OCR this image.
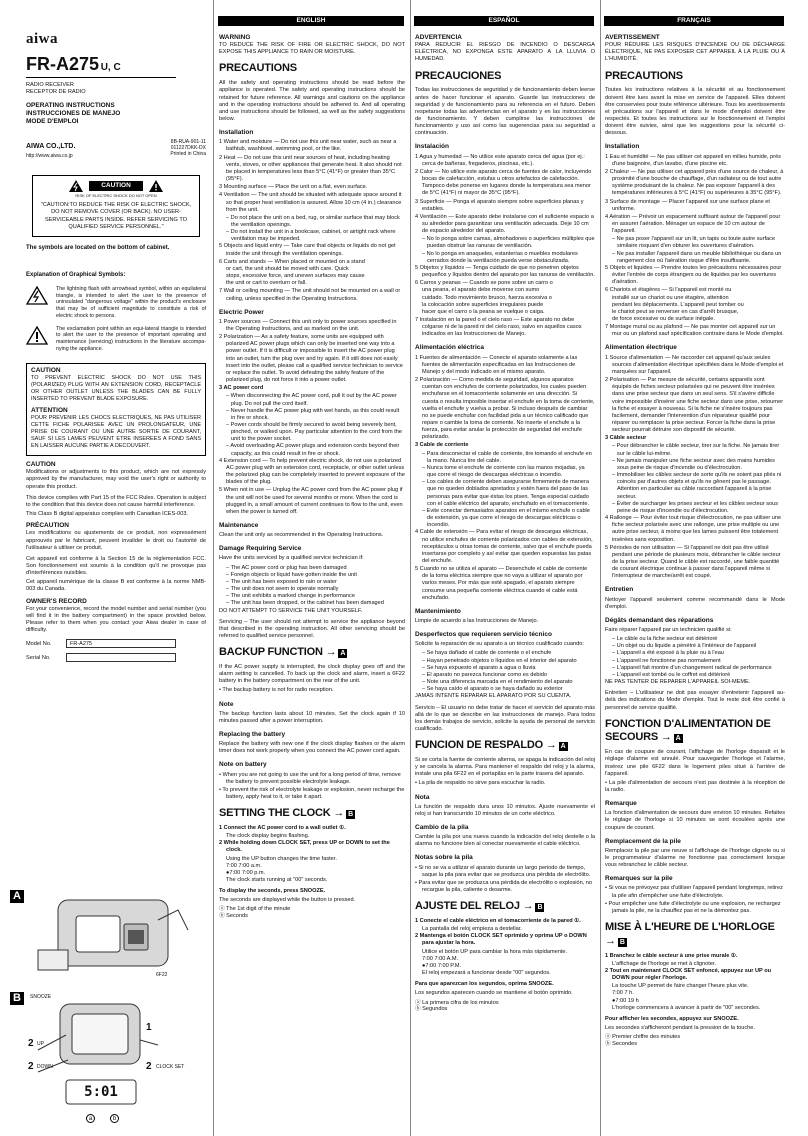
aiwa
FR-A275 U, C
RADIO RECEIVER
RECEPTOR DE RADIO
OPERATING INSTRUCTIONS
INSTRUCCIONES DE MANEJO
MODE D'EMPLOI
AIWA CO.,LTD.
http://www.aiwa.co.jp
8B-RUA-901-11
011227DKK-DX
Printed in China
CAUTION
RISK OF ELECTRIC SHOCK DO NOT OPEN
"CAUTION:TO REDUCE THE RISK OF ELECTRIC SHOCK, DO NOT REMOVE COVER (OR BACK). NO USER-SERVICEABLE PARTS INSIDE. REFER SERVICING TO QUALIFIED SERVICE PERSONNEL."
The symbols are located on the bottom of cabinet.
Explanation of Graphical Symbols:

The lightning flash with arrowhead symbol, within an equilateral triangle, is intended to alert the user to the presence of uninsulated "dangerous voltage" within the product's enclosure that may be of sufficient magnitude to constitute a risk of electric shock to persons.

The exclamation point within an equi-lateral triangle is intended to alert the user to the presence of important operating and maintenance (servicing) instructions in the literature accompa-nying the appliance.

CAUTION

TO PREVENT ELECTRIC SHOCK DO NOT USE THIS (POLARIZED) PLUG WITH AN EXTENSION CORD, RECEPTACLE OR OTHER OUTLET UNLESS THE BLADES CAN BE FULLY INSERTED TO PREVENT BLADE EXPOSURE.

ATTENTION

POUR PREVENIR LES CHOCS ELECTRIQUES, NE PAS UTILISER CETTE FICHE POLARISEE AVEC UN PROLONGATEUR, UNE PRISE DE COURANT OU UNE AUTRE SORTIE DE COURANT, SAUF SI LES LAMES PEUVENT ETRE INSEREES A FOND SANS EN LAISSER AUCUNE PARTIE A DECOUVERT.

CAUTION

Modifications or adjustments to this product, which are not expressly approved by the manufacturer, may void the user's right or authority to operate this product.

This device complies with Part 15 of the FCC Rules. Operation is subject to the condition that this device does not cause harmful interference.

This Class B digital apparatus complies with Canadian ICES-003.

PRÉCAUTION

Les modifications ou ajustements de ce produit, non expressément approuvés par le fabricant, peuvent invalider le droit ou l'autorité de l'utilisateur à utiliser ce produit.

Cet appareil est conforme à la Section 15 de la réglementation FCC. Son fonctionnement est soumis à la condition qu'il ne provoque pas d'interférences nuisibles.

Cet appareil numérique de la classe B est conforme à la norme NMB-003 du Canada.

OWNER'S RECORD

For your convenience, record the model number and serial number (you will find it in the battery compartment) in the space provided below. Please refer to them when you contact your Aiwa dealer in case of difficulty.

Model No.	FR-A275
Serial No.
A
6F22
B	SNOOZE
1
2 UP
2 DOWN	2 CLOCK SET
5:01
a	b
ENGLISH
WARNING

TO REDUCE THE RISK OF FIRE OR ELECTRIC SHOCK, DO NOT EXPOSE THIS APPLIANCE TO RAIN OR MOISTURE.

PRECAUTIONS

All the safety and operating instructions should be read before the appliance is operated. The safety and operating instructions should be retained for future reference. All warnings and cautions on the appliance and in the operating instructions should be adhered to. And all operating and use instructions should be followed, as well as the safety suggestions below.

Installation
1 Water and moisture — Do not use this unit near water, such as near a bathtub, washbowl, swimming pool, or the like.
2 Heat — Do not use this unit near sources of heat, including heating vents, stoves, or other appliances that generate heat. It also should not be placed in temperatures less than 5°C (41°F) or greater than 35°C (95°F).
3 Mounting surface — Place the unit on a flat, even surface.
4 Ventilation — The unit should be situated with adequate space around it so that proper heat ventilation is assured. Allow 10 cm (4 in.) clearance from the unit.
– Do not place the unit on a bed, rug, or similar surface that may block the ventilation openings.
– Do not install the unit in a bookcase, cabinet, or airtight rack where ventilation may be impeded.
5 Objects and liquid entry — Take care that objects or liquids do not get inside the unit through the ventilation openings.
6 Carts and stands — When placed or mounted on a stand or cart, the unit should be moved with care. Quick stops, excessive force, and uneven surfaces may cause the unit or cart to overturn or fall.
7 Wall or ceiling mounting — The unit should not be mounted on a wall or ceiling, unless specified in the Operating Instructions.
Electric Power
1 Power sources — Connect this unit only to power sources specified in the Operating Instructions, and as marked on the unit.
2 Polarization — As a safety feature, some units are equipped with polarized AC power plugs which can only be inserted one way into a power outlet. If it is difficult or impossible to insert the AC power plug into an outlet, turn the plug over and try again. If it still does not easily insert into the outlet, please call a qualified service technician to service or replace the outlet. To avoid defeating the safety feature of the polarized plug, do not force it into a power outlet.
3 AC power cord
– When disconnecting the AC power cord, pull it out by the AC power plug. Do not pull the cord itself.
– Never handle the AC power plug with wet hands, as this could result in fire or shock.
– Power cords should be firmly secured to avoid being severely bent, pinched, or walked upon. Pay particular attention to the cord from the unit to the power socket.
– Avoid overloading AC power plugs and extension cords beyond their capacity, as this could result in fire or shock.
4 Extension cord — To help prevent electric shock, do not use a polarized AC power plug with an extension cord, receptacle, or other outlet unless the polarized plug can be completely inserted to prevent exposure of the blades of the plug.
5 When not in use — Unplug the AC power cord from the AC power plug if the unit will not be used for several months or more. When the cord is plugged in, a small amount of current continues to flow to the unit, even when the power is turned off.
Maintenance

Clean the unit only as recommended in the Operating Instructions.

Damage Requiring Service

Have the units serviced by a qualified service technician if:

– The AC power cord or plug has been damaged
– Foreign objects or liquid have gotten inside the unit
– The unit has been exposed to rain or water
– The unit does not seem to operate normally
– The unit exhibits a marked change in performance
– The unit has been dropped, or the cabinet has been damaged

DO NOT ATTEMPT TO SERVICE THE UNIT YOURSELF.

Servicing – The user should not attempt to service the appliance beyond that described in the operating instruction. All other servicing should be referred to qualified service personnel.

BACKUP FUNCTION → A

If the AC power supply is interrupted, the clock display goes off and the alarm setting is cancelled. To back up the clock and alarm, insert a 6F22 battery in the battery compartment on the rear of the unit.

• The backup battery is not for radio reception.

Note

The backup function lasts about 10 minutes. Set the clock again if 10 minutes passed after a power interruption.

Replacing the battery

Replace the battery with new one if the clock display flashes or the alarm timer does not work properly when you connect the AC power cord again.

Note on battery
• When you are not going to use the unit for a long period of time, remove the battery to prevent possible electrolyte leakage.
• To prevent the risk of electrolyte leakage or explosion, never recharge the battery, apply heat to it, or take it apart.
SETTING THE CLOCK → B
1 Connect the AC power cord to a wall outlet ①.
The clock display begins flashing.
2 While holding down CLOCK SET, press UP or DOWN to set the clock.
Using the UP button changes the time faster.
7:00 7:00 a.m.
●7:00 7:00 p.m.
The clock starts running at "00" seconds.

To display the seconds, press SNOOZE.

The seconds are displayed while the button is pressed.

ⓐ The 1st digit of the minute
ⓑ Seconds
ESPAÑOL
ADVERTENCIA

PARA REDUCIR EL RIESGO DE INCENDIO O DESCARGA ELÉCTRICA, NO EXPONGA ESTE APARATO A LA LLUVIA O HUMEDAD.

PRECAUCIONES

Todas las instrucciones de seguridad y de funcionamiento deben leerse antes de hacer funcionar el aparato. Guarde las instrucciones de seguridad y de funcionamiento para su referencia en el futuro. Deben respetarse todas las advertencias en el aparato y en las instrucciones de funcionamiento. Y deben cumplirse las instrucciones de funcionamiento y uso así como las sugerencias para su seguridad a continuación.

Instalación
1 Agua y humedad — No utilice este aparato cerca del agua (por ej.: cerca de bañeras, fregaderos, piscinas, etc.).
2 Calor — No utilice este aparato cerca de fuentes de calor, incluyendo bocas de calefacción, estufas u otros artefactos de calefacción. Tampoco debe ponerse en lugares donde la temperatura sea menor de 5°C (41°F) ni mayor de 35°C (95°F).
3 Superficie — Ponga el aparato siempre sobre superficies planas y estables.
4 Ventilación — Este aparato debe instalarse con el suficiente espacio a su alrededor para garantizar una ventilación adecuada. Deje 10 cm de espacio alrededor del aparato.
– No lo ponga sobre camas, almohadones o superficies múltiples que puedan obstruir las ranuras de ventilación.
– No lo ponga en anaqueles, estanterías o muebles modulares cerrados donde la ventilación pueda verse obstaculizada.
5 Objetos y líquidos — Tenga cuidado de que no penetren objetos pequeños y líquidos dentro del aparato por las ranuras de ventilación.
6 Carros y peanas — Cuando se pone sobre un carro o una peana, el aparato debe moverse con sumo cuidado. Todo movimiento brusco, fuerza excesiva o la colocación sobre superficies irregulares puede hacer que el carro o la peana se vuelque o caiga.
7 Instalación en la pared o el cielo raso — Este aparato no debe colgarse ni de la pared ni del cielo raso, salvo en aquellos casos indicados en las Instrucciones de Manejo.
Alimentación eléctrica
1 Fuentes de alimentación — Conecte el aparato solamente a las fuentes de alimentación especificadas en las Instrucciones de Manejo y del modo indicado en el mismo aparato.
2 Polarización — Como medida de seguridad, algunos aparatos cuentan con enchufes de corriente polarizados, los cuales pueden enchufarse en el tomacorriente solamente en una dirección. Si cuesta o resulta imposible insertar el enchufe en la toma de corriente, vuelta el enchufe y vuelva a probar. Si incluso después de cambiar no se puede enchufar con facilidad pida a un técnico calificado que repare o cambie la toma de corriente. No inserte el enchufe a la fuerza, para evitar anular la protección de seguridad del enchufe polarizado.
3 Cable de corriente
– Para desconectar el cable de corriente, tire tomando el enchufe en la mano. Nunca tire del cable.
– Nunca tome el enchufe de corriente con las manos mojadas, ya que corre el riesgo de descargas eléctricas o incendio.
– Los cables de corriente deben asegurarse firmemente de manera que no queden doblados apretados y estén fuera del paso de las personas para evitar que éstas los pisen. Tenga especial cuidado con el cable eléctrico del aparato, enchufado en el tomacorriente.
– Evite conectar demasiados aparatos en el mismo enchufe o cable de extensión, ya que corre el riesgo de descargas eléctricas o incendio.
4 Cable de extensión — Para evitar el riesgo de descargas eléctricas, no utilice enchufes de corriente polarizados con cables de extensión, receptáculos u otras tomas de corriente, salvo que el enchufe pueda insertarse por completo y así evitar que queden expuestas las patas del enchufe.
5 Cuando no se utiliza el aparato — Desenchufe el cable de corriente de la toma eléctrica siempre que no vaya a utilizar el aparato por varios meses. Por más que esté apagado, el aparato siempre consume una pequeña corriente eléctrica cuando el cable está enchufado.
Mantenimiento

Limpie de acuerdo a las Instrucciones de Manejo.

Desperfectos que requieren servicio técnico

Solicite la reparación de su aparato a un técnico cualificado cuando:

– Se haya dañado el cable de corriente o el enchufe
– Hayan penetrado objetos o líquidos en el interior del aparato
– Se haya expuesto el aparato a agua o lluvia
– El aparato no parezca funcionar como es debido
– Note una diferencia marcada en el rendimiento del aparato
– Se haya caído el aparato o se haya dañado su exterior

JAMAS INTENTE REPARAR EL APARATO POR SU CUENTA.

Servicio – El usuario no debe tratar de hacer el servicio del aparato más allá de lo que se describe en las instrucciones de manejo. Para todos los demás trabajos de servicio, solicite la ayuda de personal de servicio cualificado.

FUNCION DE RESPALDO → A

Si se corta la fuente de corriente alterna, se apaga la indicación del reloj y se cancela la alarma. Para mantener el respaldo del reloj y la alarma, instale una pila 6F22 en el portapilas en la parte trasera del aparato.

• La pila de respaldo no sirve para escuchar la radio.

Nota

La función de respaldo dura unos 10 minutos. Ajuste nuevamente el reloj si han transcurrido 10 minutos de un corte eléctrico.

Cambio de la pila

Cambie la pila por una nueva cuando la indicación del reloj destelle o la alarma no funcione bien al conectar nuevamente el cable eléctrico.

Notas sobre la pila
• Si no se va a utilizar el aparato durante un largo periodo de tiempo, saque la pila para evitar que se produzca una pérdida de electrólito.
• Para evitar que se produzca una pérdida de electrólito o explosión, no recargue la pila, caliente o desarme.
AJUSTE DEL RELOJ → B
1 Conecte el cable eléctrico en el tomacorriente de la pared ①.
La pantalla del reloj empieza a destellar.
2 Mantenga el botón CLOCK SET oprimido y oprima UP o DOWN para ajustar la hora.
Utilice el botón UP para cambiar la hora más rápidamente.
7:00 7:00 A.M.
●7:00 7:00 P.M.
El reloj empezará a funcionar desde "00" segundos.

Para que aparezcan los segundos, oprima SNOOZE.

Los segundos aparecen cuando se mantiene el botón oprimido.

ⓐ La primera cifra de los minutos
ⓑ Segundos
FRANÇAIS
AVERTISSEMENT

POUR RÉDUIRE LES RISQUES D'INCENDIE OU DE DÉCHARGE ÉLECTRIQUE, NE PAS EXPOSER CET APPAREIL À LA PLUIE OU À L'HUMIDITÉ.

PRECAUTIONS

Toutes les instructions relatives à la sécurité et au fonctionnement doivent être lues avant la mise en service de l'appareil. Elles doivent être conservées pour toute référence ultérieure. Tous les avertissements et précautions sur l'appareil et dans le mode d'emploi doivent être respectés. Et toutes les instructions sur le fonctionnement et l'emploi doivent être suivies, ainsi que les suggestions pour la sécurité ci-dessous.

Installation
1 Eau et humidité — Ne pas utiliser cet appareil en milieu humide, près d'une baignoire, d'un lavabo, d'une piscine etc.
2 Chaleur — Ne pas utiliser cet appareil près d'une source de chaleur, à proximité d'une bouche de chauffage, d'un radiateur ou de tout autre système produisant de la chaleur. Ne pas exposer l'appareil à des températures inférieures à 5°C (41°F) ou supérieures à 35°C (95°F).
3 Surface de montage — Placer l'appareil sur une surface plane et uniforme.
4 Aération — Prévoir un espacement suffisant autour de l'appareil pour en assurer l'aération. Ménager un espace de 10 cm autour de l'appareil.
– Ne pas poser l'appareil sur un lit, un tapis ou toute autre surface similaire risquant d'en obturer les ouvertures d'aération.
– Ne pas installer l'appareil dans un meuble bibliothèque ou dans un rangement clos où l'aération risque d'être insuffisante.
5 Objets et liquides — Prendre toutes les précautions nécessaires pour éviter l'entrée de corps étrangers ou de liquides par les ouvertures d'aération.
6 Chariots et étagères — Si l'appareil est monté ou installé sur un chariot ou une étagère, attention pendant les déplacements. L'appareil peut tomber ou le chariot peut se renverser en cas d'arrêt brusque, de force excessive ou de surface inégale.
7 Montage mural ou au plafond — Ne pas monter cet appareil sur un mur ou un plafond sauf spécification contraire dans le Mode d'emploi.
Alimentation électrique
1 Source d'alimentation — Ne raccorder cet appareil qu'aux seules sources d'alimentation électrique spécifiées dans le Mode d'emploi et marquées sur l'appareil.
2 Polarisation — Par mesure de sécurité, certains appareils sont équipés de fiches secteur polarisées qui ne peuvent être insérées dans une prise secteur que dans un seul sens. S'il s'avère difficile voire impossible d'insérer une fiche secteur dans une prise, retourner la fiche et essayer à nouveau. Si la fiche ne s'insère toujours pas facilement, demander l'intervention d'un réparateur qualifié pour réparer ou remplacer la prise secteur. Forcer la fiche dans la prise secteur pourrait détruire son dispositif de sécurité.
3 Câble secteur
– Pour débrancher le câble secteur, tirer sur la fiche. Ne jamais tirer sur le câble lui-même.
– Ne jamais manipuler une fiche secteur avec des mains humides sous peine de risque d'incendie ou d'électrocution.
– Immobiliser les câbles secteur de sorte qu'ils ne soient pas pliés ni coincés par d'autres objets et qu'ils ne gênent pas le passage. Attention en particulier au câble raccordant l'appareil à la prise secteur.
– Éviter de surcharger les prises secteur et les câbles secteur sous peine de risque d'incendie ou d'électrocution.
4 Rallonge — Pour éviter tout risque d'électrocution, ne pas utiliser une fiche secteur polarisée avec une rallonge, une prise multiple ou une autre prise secteur, à moins que les lames puissent être totalement insérées sans exposition.
5 Périodes de non utilisation — Si l'appareil ne doit pas être utilisé pendant une période de plusieurs mois, débrancher le câble secteur de la prise secteur. Quand le câble est raccordé, une faible quantité de courant électrique continue à passer dans l'appareil même si l'interrupteur de marche/arrêt est coupé.
Entretien

Nettoyer l'appareil seulement comme recommandé dans le Mode d'emploi.

Dégâts demandant des réparations

Faire réparer l'appareil par un technicien qualifié si:

– Le câble ou la fiche secteur est détérioré
– Un objet ou du liquide a pénétré à l'intérieur de l'appareil
– L'appareil a été exposé à la pluie ou à l'eau
– L'appareil ne fonctionne pas normalement
– L'appareil fait montre d'un changement radical de performance
– L'appareil est tombé ou le coffret est détérioré

NE PAS TENTER DE REPARER L'APPAREIL SOI-MEME.

Entretien – L'utilisateur ne doit pas essayer d'entretenir l'appareil au-delà des indications du Mode d'emploi. Tout le reste doit être confié à personnel de service qualifié.

FONCTION D'ALIMENTATION DE SECOURS → A

En cas de coupure de courant, l'affichage de l'horloge disparaît et le réglage d'alarme est annulé. Pour sauvegarder l'horloge et l'alarme, insérez une pile 6F22 dans le logement piles situé à l'arrière de l'appareil.

• La pile d'alimentation de secours n'est pas destinée à la réception de la radio.

Remarque

La fonction d'alimentation de secours dure environ 10 minutes. Refaites le réglage de l'horloge si 10 minutes se sont écoulées après une coupure de courant.

Remplacement de la pile

Remplacez la pile par une neuve si l'affichage de l'horloge clignote ou si le programmateur d'alarme ne fonctionne pas correctement lorsque vous rebranchez le câble secteur.

Remarques sur la pile
• Si vous ne prévoyez pas d'utiliser l'appareil pendant longtemps, retirez la pile afin d'empêcher une fuite d'électrolyte.
• Pour empêcher une fuite d'électrolyte ou une explosion, ne rechargez jamais la pile, ne la chauffez pas et ne la démontez pas.
MISE À L'HEURE DE L'HORLOGE → B
1 Branchez le câble secteur à une prise murale ①.
L'affichage de l'horloge se met à clignoter.
2 Tout en maintenant CLOCK SET enfoncé, appuyez sur UP ou DOWN pour régler l'horloge.
La touche UP permet de faire changer l'heure plus vite.
7:00 7 h.
●7:00 19 h
L'horloge commencera à avancer à partir de "00" secondes.

Pour afficher les secondes, appuyez sur SNOOZE.

Les secondes s'afficheront pendant la pression de la touche.

ⓐ Premier chiffre des minutes
ⓑ Secondes
